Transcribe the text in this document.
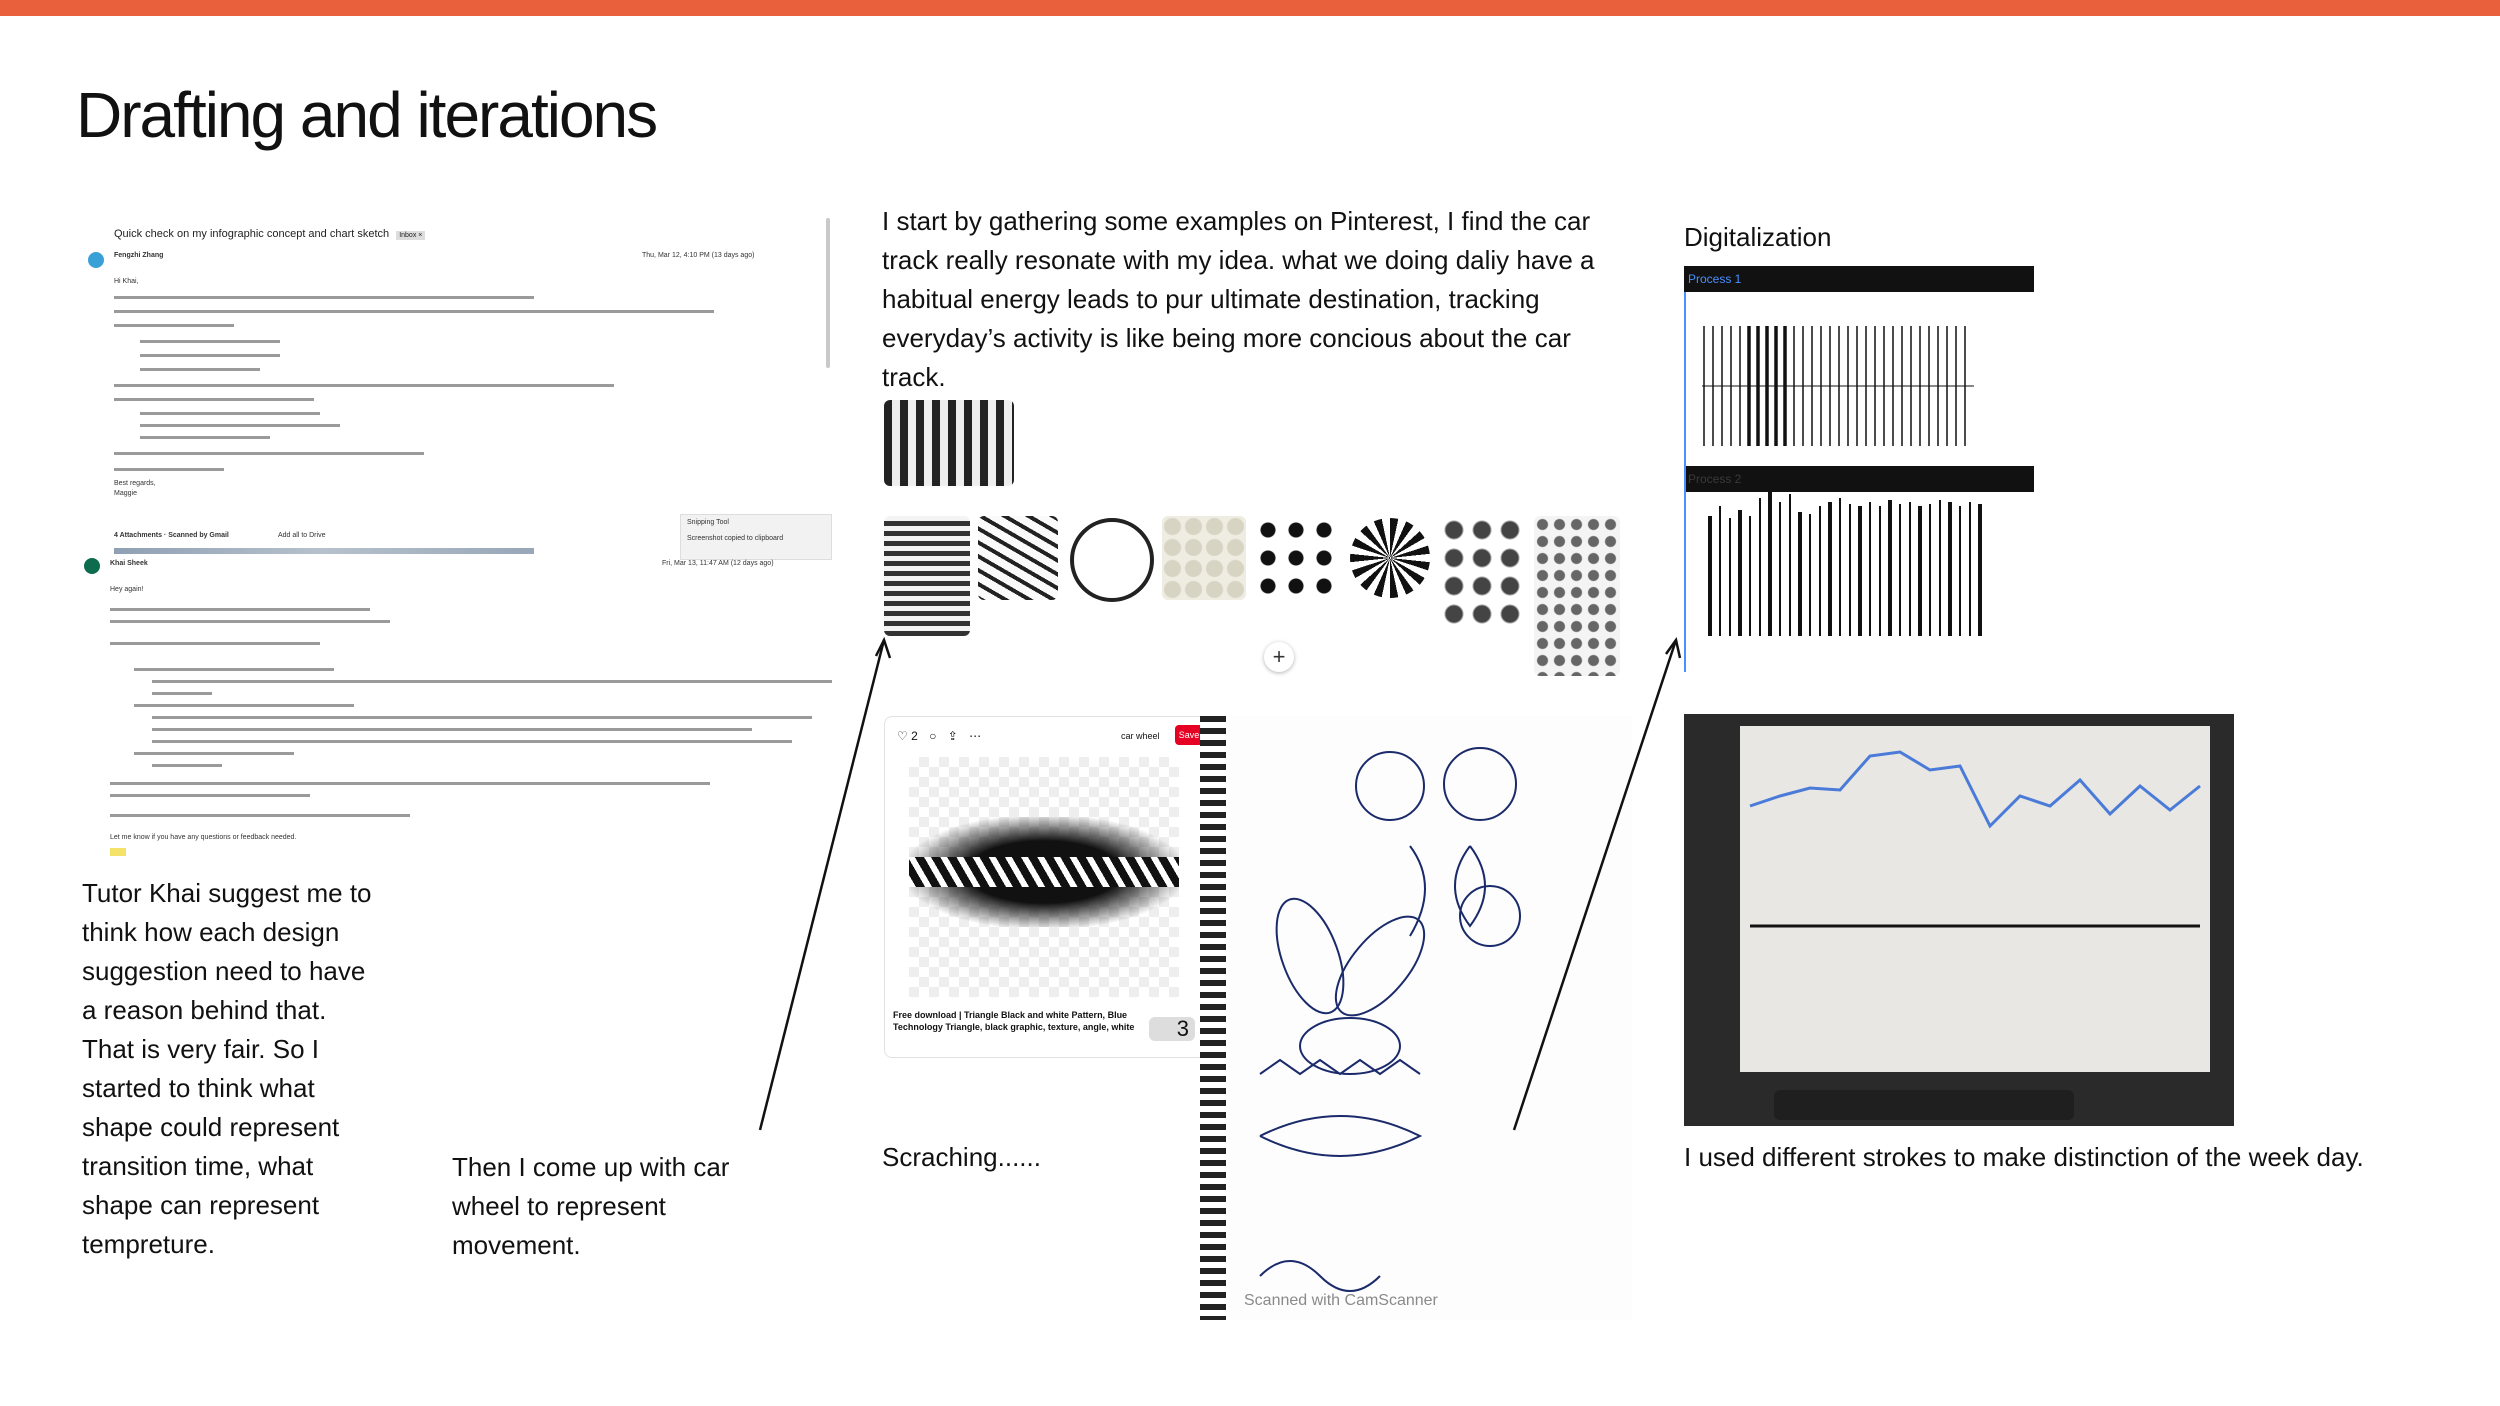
Drafting and iterations
Quick check on my infographic concept and chart sketch Inbox ×
Fengzhi Zhang	Thu, Mar 12, 4:10 PM (13 days ago)
Hi Khai,
Best regards,
Maggie
4 Attachments · Scanned by Gmail	Add all to Drive
Snipping Tool
Screenshot copied to clipboard
Khai Sheek	Fri, Mar 13, 11:47 AM (12 days ago)
Hey again!
Let me know if you have any questions or feedback needed.
Tutor Khai suggest me to think how each design suggestion need to have a reason behind that. That is very fair. So I started to think what shape could represent transition time, what shape can represent tempreture.
Then I come up with car wheel to represent movement.
I start by gathering some examples on Pinterest, I find the car track really resonate with my idea. what we doing daliy have a habitual energy leads to pur ultimate destination, tracking everyday’s activity is like being more concious about the car track.
+
♡ 2 ○ ⇪ ⋯	car wheel	Save
Free download | Triangle Black and white Pattern, Blue Technology Triangle, black graphic, texture, angle, white	3
Scraching......
Scanned with CamScanner
Digitalization
Process 1
Process 2
I used different strokes to make distinction of the week day.
